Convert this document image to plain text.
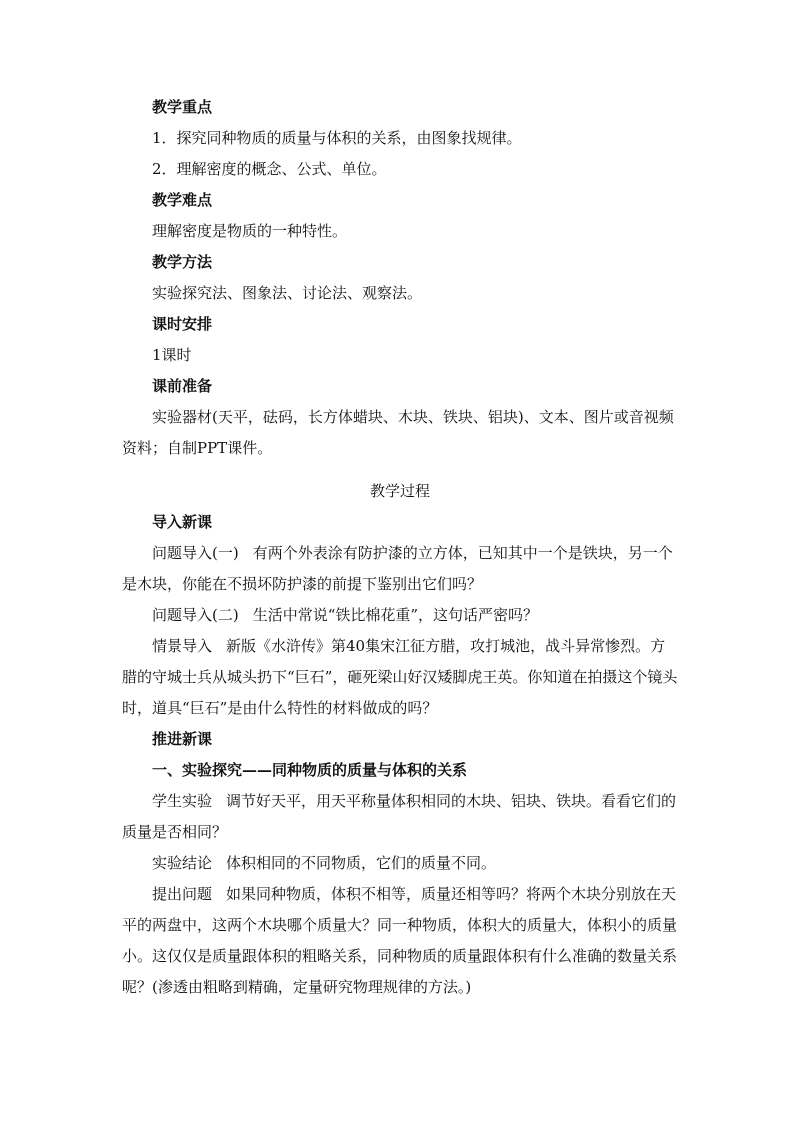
教学重点

1．探究同种物质的质量与体积的关系，由图象找规律。

2．理解密度的概念、公式、单位。

教学难点

理解密度是物质的一种特性。

教学方法

实验探究法、图象法、讨论法、观察法。

课时安排

1课时

课前准备

实验器材(天平，砝码，长方体蜡块、木块、铁块、铝块)、文本、图片或音视频资料；自制PPT课件。

教学过程

导入新课

问题导入(一) 有两个外表涂有防护漆的立方体，已知其中一个是铁块，另一个是木块，你能在不损坏防护漆的前提下鉴别出它们吗？

问题导入(二) 生活中常说“铁比棉花重”，这句话严密吗？

情景导入 新版《水浒传》第40集宋江征方腊，攻打城池，战斗异常惨烈。方腊的守城士兵从城头扔下“巨石”，砸死梁山好汉矮脚虎王英。你知道在拍摄这个镜头时，道具“巨石”是由什么特性的材料做成的吗？

推进新课

一、实验探究——同种物质的质量与体积的关系

学生实验 调节好天平，用天平称量体积相同的木块、铝块、铁块。看看它们的质量是否相同？

实验结论 体积相同的不同物质，它们的质量不同。

提出问题 如果同种物质，体积不相等，质量还相等吗？将两个木块分别放在天平的两盘中，这两个木块哪个质量大？同一种物质，体积大的质量大，体积小的质量小。这仅仅是质量跟体积的粗略关系，同种物质的质量跟体积有什么准确的数量关系呢？(渗透由粗略到精确，定量研究物理规律的方法。)
